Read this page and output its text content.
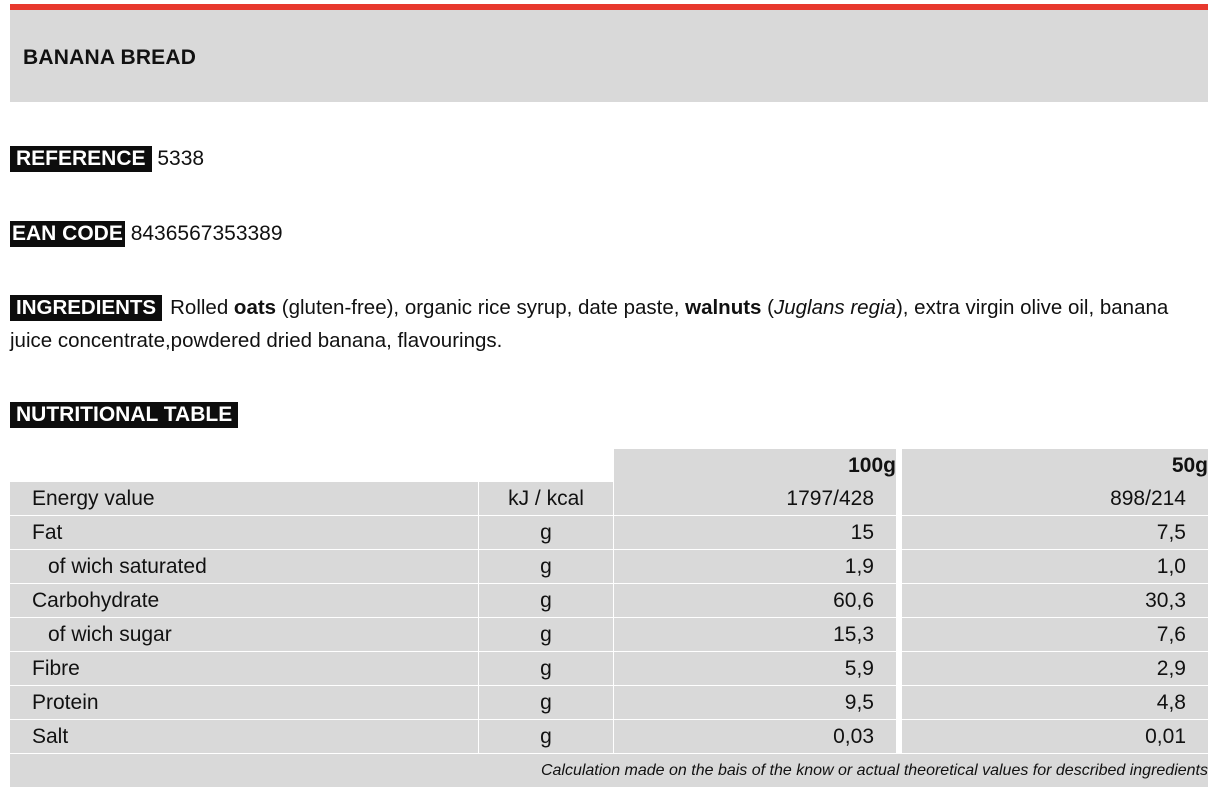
BANANA BREAD
REFERENCE 5338
EAN CODE 8436567353389
INGREDIENTS Rolled oats (gluten-free), organic rice syrup, date paste, walnuts (Juglans regia), extra virgin olive oil, banana juice concentrate,powdered dried banana, flavourings.
NUTRITIONAL TABLE
		100g	50g
Energy value	kJ / kcal	1797/428	898/214
Fat	g	15	7,5
of wich saturated	g	1,9	1,0
Carbohydrate	g	60,6	30,3
of wich sugar	g	15,3	7,6
Fibre	g	5,9	2,9
Protein	g	9,5	4,8
Salt	g	0,03	0,01
Calculation made on the bais of the know or actual theoretical values for described ingredients			
